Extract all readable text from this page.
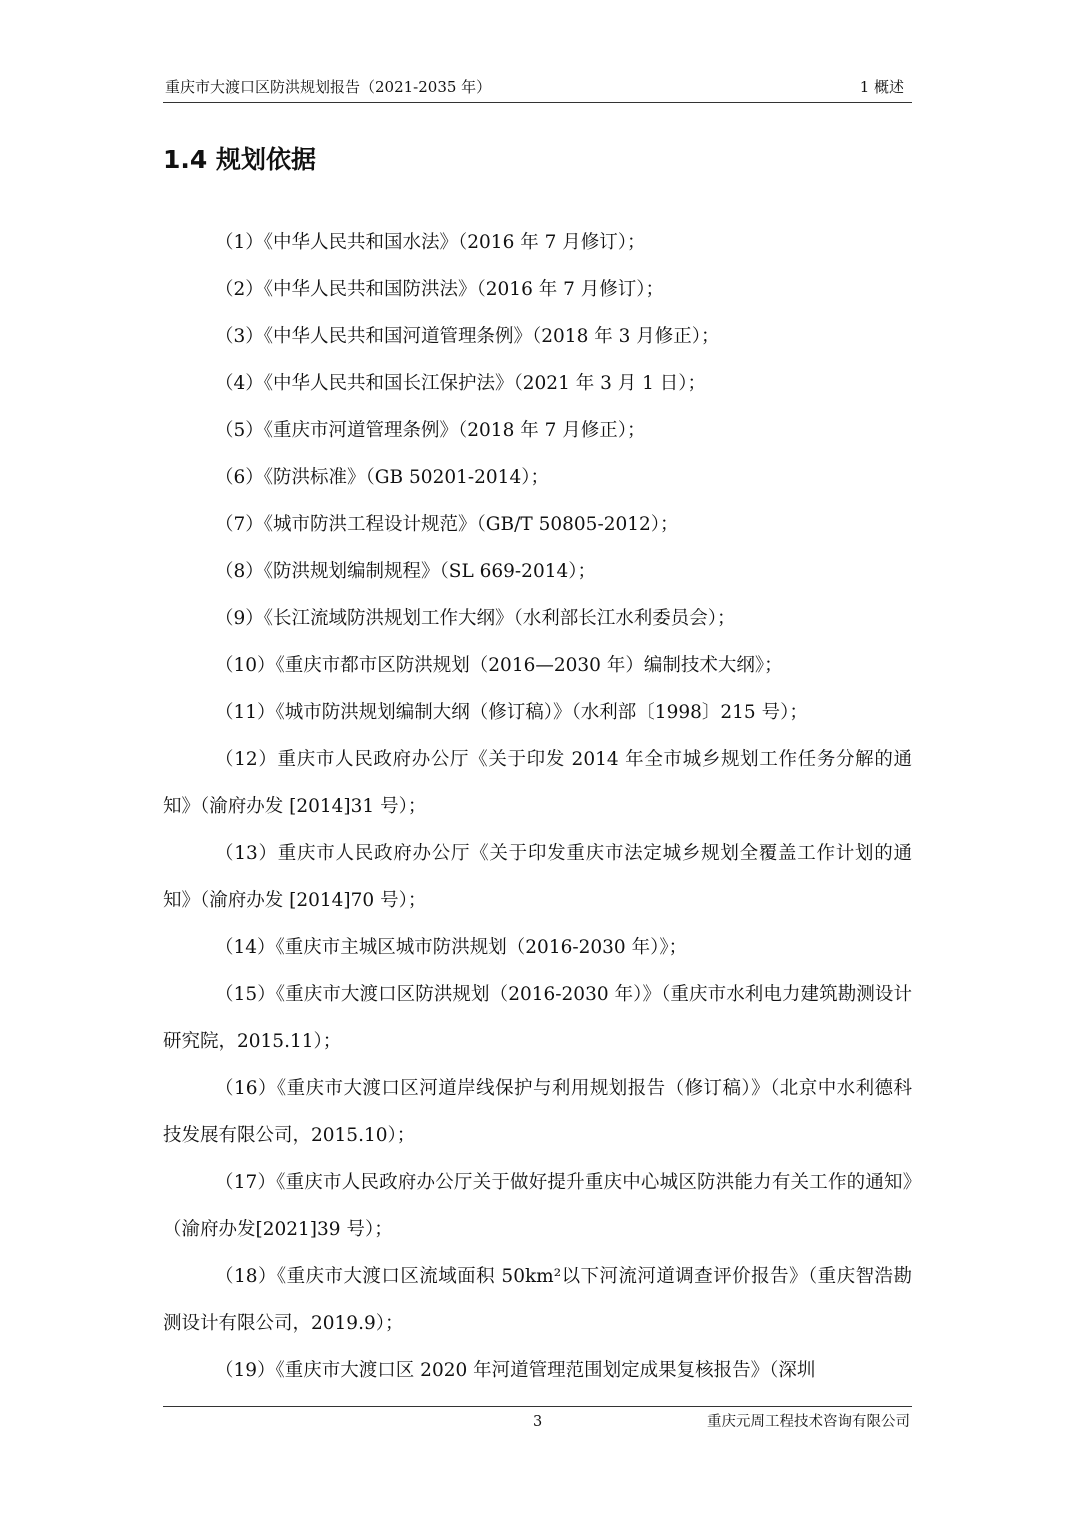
重庆市大渡口区防洪规划报告（2021-2035 年）	1 概述
1.4 规划依据
（1）《中华人民共和国水法》（2016 年 7 月修订）；
（2）《中华人民共和国防洪法》（2016 年 7 月修订）；
（3）《中华人民共和国河道管理条例》（2018 年 3 月修正）；
（4）《中华人民共和国长江保护法》（2021 年 3 月 1 日）；
（5）《重庆市河道管理条例》（2018 年 7 月修正）；
（6）《防洪标准》（GB 50201-2014）；
（7）《城市防洪工程设计规范》（GB/T 50805-2012）；
（8）《防洪规划编制规程》（SL 669-2014）；
（9）《长江流域防洪规划工作大纲》（水利部长江水利委员会）；
（10）《重庆市都市区防洪规划（2016—2030 年）编制技术大纲》；
（11）《城市防洪规划编制大纲（修订稿）》（水利部〔1998〕215 号）；
（12）重庆市人民政府办公厅《关于印发 2014 年全市城乡规划工作任务分解的通知》（渝府办发 [2014]31 号）；
（13）重庆市人民政府办公厅《关于印发重庆市法定城乡规划全覆盖工作计划的通知》（渝府办发 [2014]70 号）；
（14）《重庆市主城区城市防洪规划（2016-2030 年）》；
（15）《重庆市大渡口区防洪规划（2016-2030 年）》（重庆市水利电力建筑勘测设计研究院，2015.11）；
（16）《重庆市大渡口区河道岸线保护与利用规划报告（修订稿）》（北京中水利德科技发展有限公司，2015.10）；
（17）《重庆市人民政府办公厅关于做好提升重庆中心城区防洪能力有关工作的通知》（渝府办发[2021]39 号）；
（18）《重庆市大渡口区流域面积 50km²以下河流河道调查评价报告》（重庆智浩勘测设计有限公司，2019.9）；
（19）《重庆市大渡口区 2020 年河道管理范围划定成果复核报告》（深圳
3	重庆元周工程技术咨询有限公司
